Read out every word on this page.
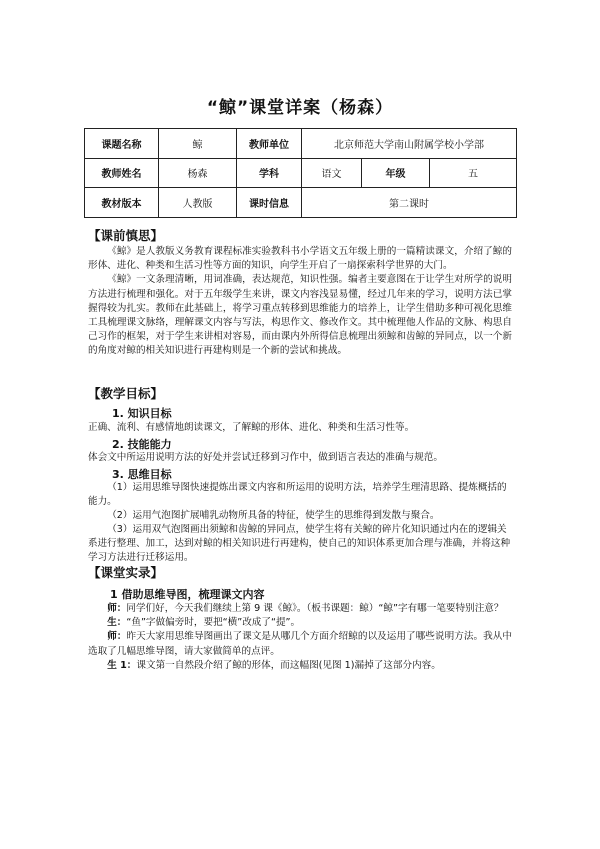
“鲸”课堂详案（杨森）
课题名称	鲸	教师单位	北京师范大学南山附属学校小学部		
教师姓名	杨森	学科	语文	年级	五
教材版本	人教版	课时信息	第二课时		
【课前慎思】

《鲸》是人教版义务教育课程标准实验教科书小学语文五年级上册的一篇精读课文，介绍了鲸的形体、进化、种类和生活习性等方面的知识，向学生开启了一扇探索科学世界的大门。

《鲸》一文条理清晰，用词准确，表达规范，知识性强。编者主要意图在于让学生对所学的说明方法进行梳理和强化。对于五年级学生来讲，课文内容浅显易懂，经过几年来的学习，说明方法已掌握得较为扎实。教师在此基础上，将学习重点转移到思维能力的培养上，让学生借助多种可视化思维工具梳理课文脉络，理解课文内容与写法，构思作文、修改作文。其中梳理他人作品的文脉、构思自己习作的框架，对于学生来讲相对容易，而由课内外所得信息梳理出须鲸和齿鲸的异同点，以一个新的角度对鲸的相关知识进行再建构则是一个新的尝试和挑战。

【教学目标】
1. 知识目标
正确、流利、有感情地朗读课文，了解鲸的形体、进化、种类和生活习性等。
2. 技能能力
体会文中所运用说明方法的好处并尝试迁移到习作中，做到语言表达的准确与规范。
3. 思维目标
（1）运用思维导图快速提炼出课文内容和所运用的说明方法，培养学生理清思路、提炼概括的能力。
（2）运用气泡图扩展哺乳动物所具备的特征，使学生的思维得到发散与聚合。
（3）运用双气泡图画出须鲸和齿鲸的异同点，使学生将有关鲸的碎片化知识通过内在的逻辑关系进行整理、加工，达到对鲸的相关知识进行再建构，使自己的知识体系更加合理与准确，并将这种学习方法进行迁移运用。
【课堂实录】
1 借助思维导图，梳理课文内容

师：同学们好，今天我们继续上第 9 课《鲸》。（板书课题：鲸）“鲸”字有哪一笔要特别注意？

生：“鱼”字做偏旁时，要把“横”改成了“提”。

师：昨天大家用思维导图画出了课文是从哪几个方面介绍鲸的以及运用了哪些说明方法。我从中选取了几幅思维导图，请大家做简单的点评。

生 1：课文第一自然段介绍了鲸的形体，而这幅图(见图 1)漏掉了这部分内容。
